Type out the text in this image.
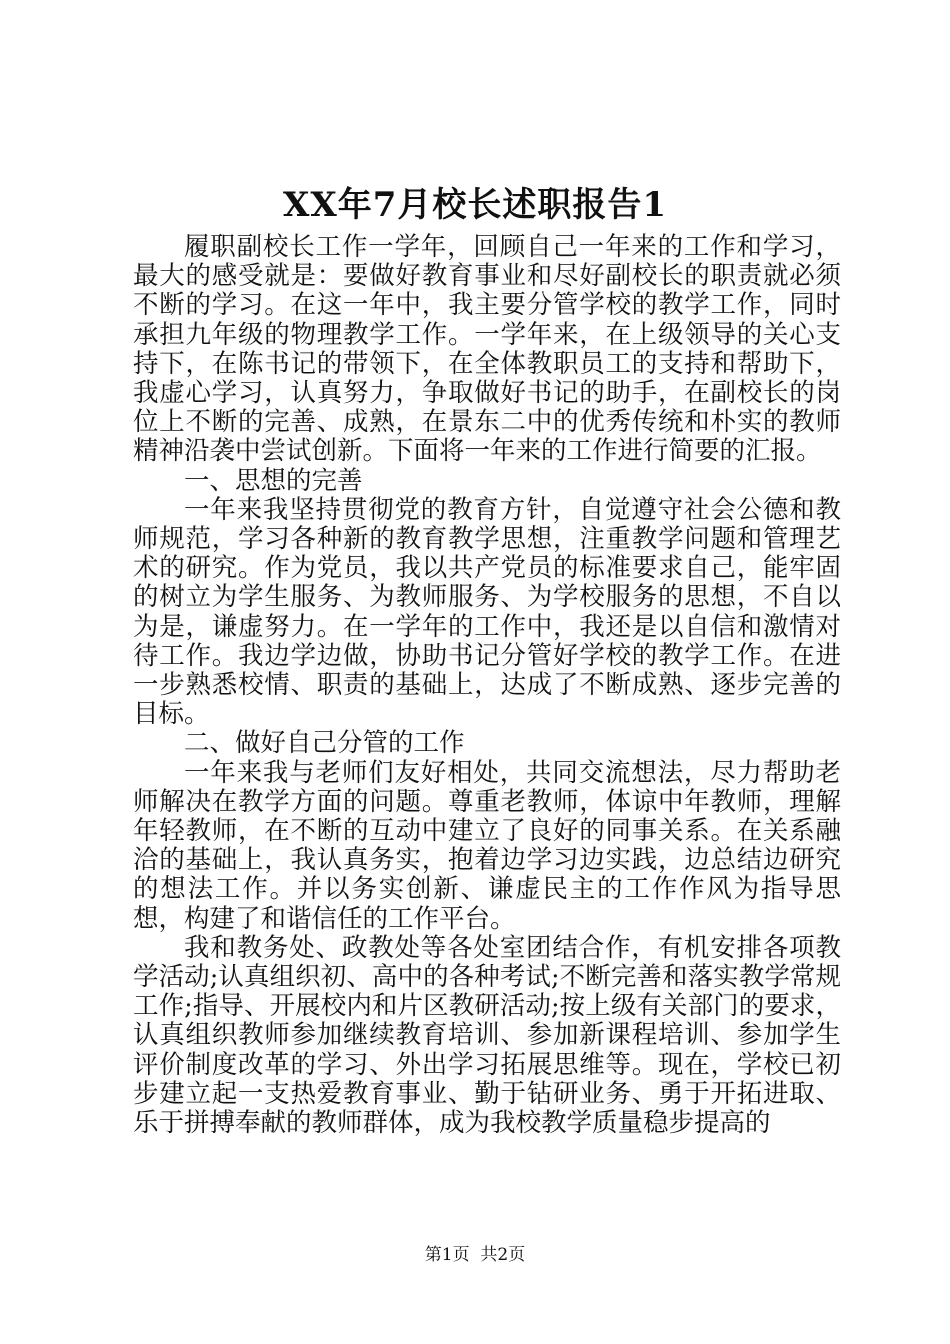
XX年7月校长述职报告1

履职副校长工作一学年，回顾自己一年来的工作和学习，最大的感受就是：要做好教育事业和尽好副校长的职责就必须不断的学习。在这一年中，我主要分管学校的教学工作，同时承担九年级的物理教学工作。一学年来，在上级领导的关心支持下，在陈书记的带领下，在全体教职员工的支持和帮助下，我虚心学习，认真努力，争取做好书记的助手，在副校长的岗位上不断的完善、成熟，在景东二中的优秀传统和朴实的教师精神沿袭中尝试创新。下面将一年来的工作进行简要的汇报。

一、思想的完善

一年来我坚持贯彻党的教育方针，自觉遵守社会公德和教师规范，学习各种新的教育教学思想，注重教学问题和管理艺术的研究。作为党员，我以共产党员的标准要求自己，能牢固的树立为学生服务、为教师服务、为学校服务的思想，不自以为是，谦虚努力。在一学年的工作中，我还是以自信和激情对待工作。我边学边做，协助书记分管好学校的教学工作。在进一步熟悉校情、职责的基础上，达成了不断成熟、逐步完善的目标。

二、做好自己分管的工作

一年来我与老师们友好相处，共同交流想法，尽力帮助老师解决在教学方面的问题。尊重老教师，体谅中年教师，理解年轻教师，在不断的互动中建立了良好的同事关系。在关系融洽的基础上，我认真务实，抱着边学习边实践，边总结边研究的想法工作。并以务实创新、谦虚民主的工作作风为指导思想，构建了和谐信任的工作平台。

我和教务处、政教处等各处室团结合作，有机安排各项教学活动;认真组织初、高中的各种考试;不断完善和落实教学常规工作;指导、开展校内和片区教研活动;按上级有关部门的要求，认真组织教师参加继续教育培训、参加新课程培训、参加学生评价制度改革的学习、外出学习拓展思维等。现在，学校已初步建立起一支热爱教育事业、勤于钻研业务、勇于开拓进取、乐于拼搏奉献的教师群体，成为我校教学质量稳步提高的

第1页 共2页
